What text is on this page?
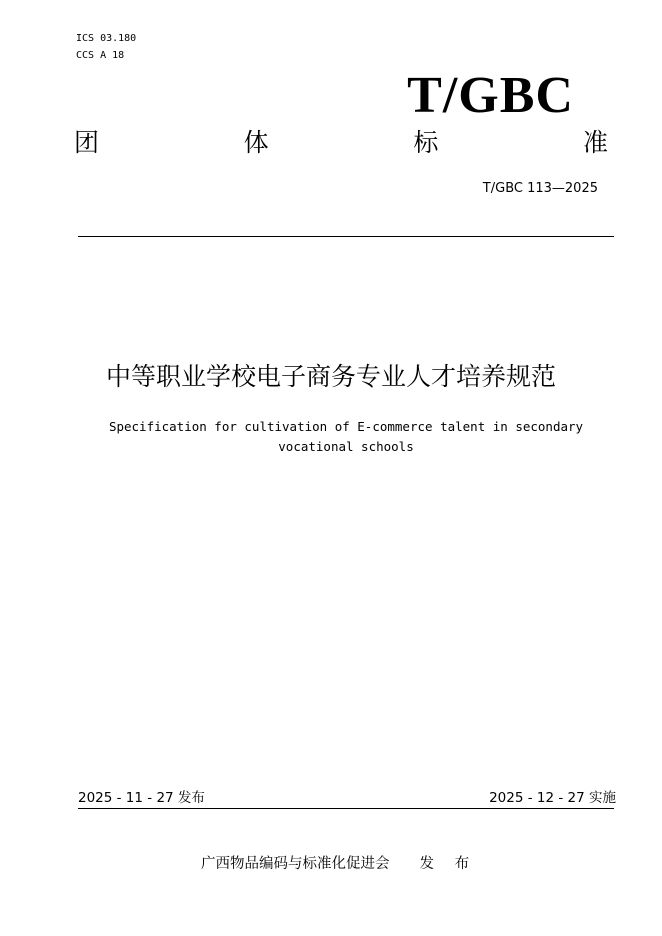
ICS 03.180
CCS A 18
T/GBC
团	体	标	准
T/GBC 113—2025
中等职业学校电子商务专业人才培养规范
Specification for cultivation of E-commerce talent in secondary
vocational schools
2025 - 11 - 27 发布	2025 - 12 - 27 实施
广西物品编码与标准化促进会 发 布
